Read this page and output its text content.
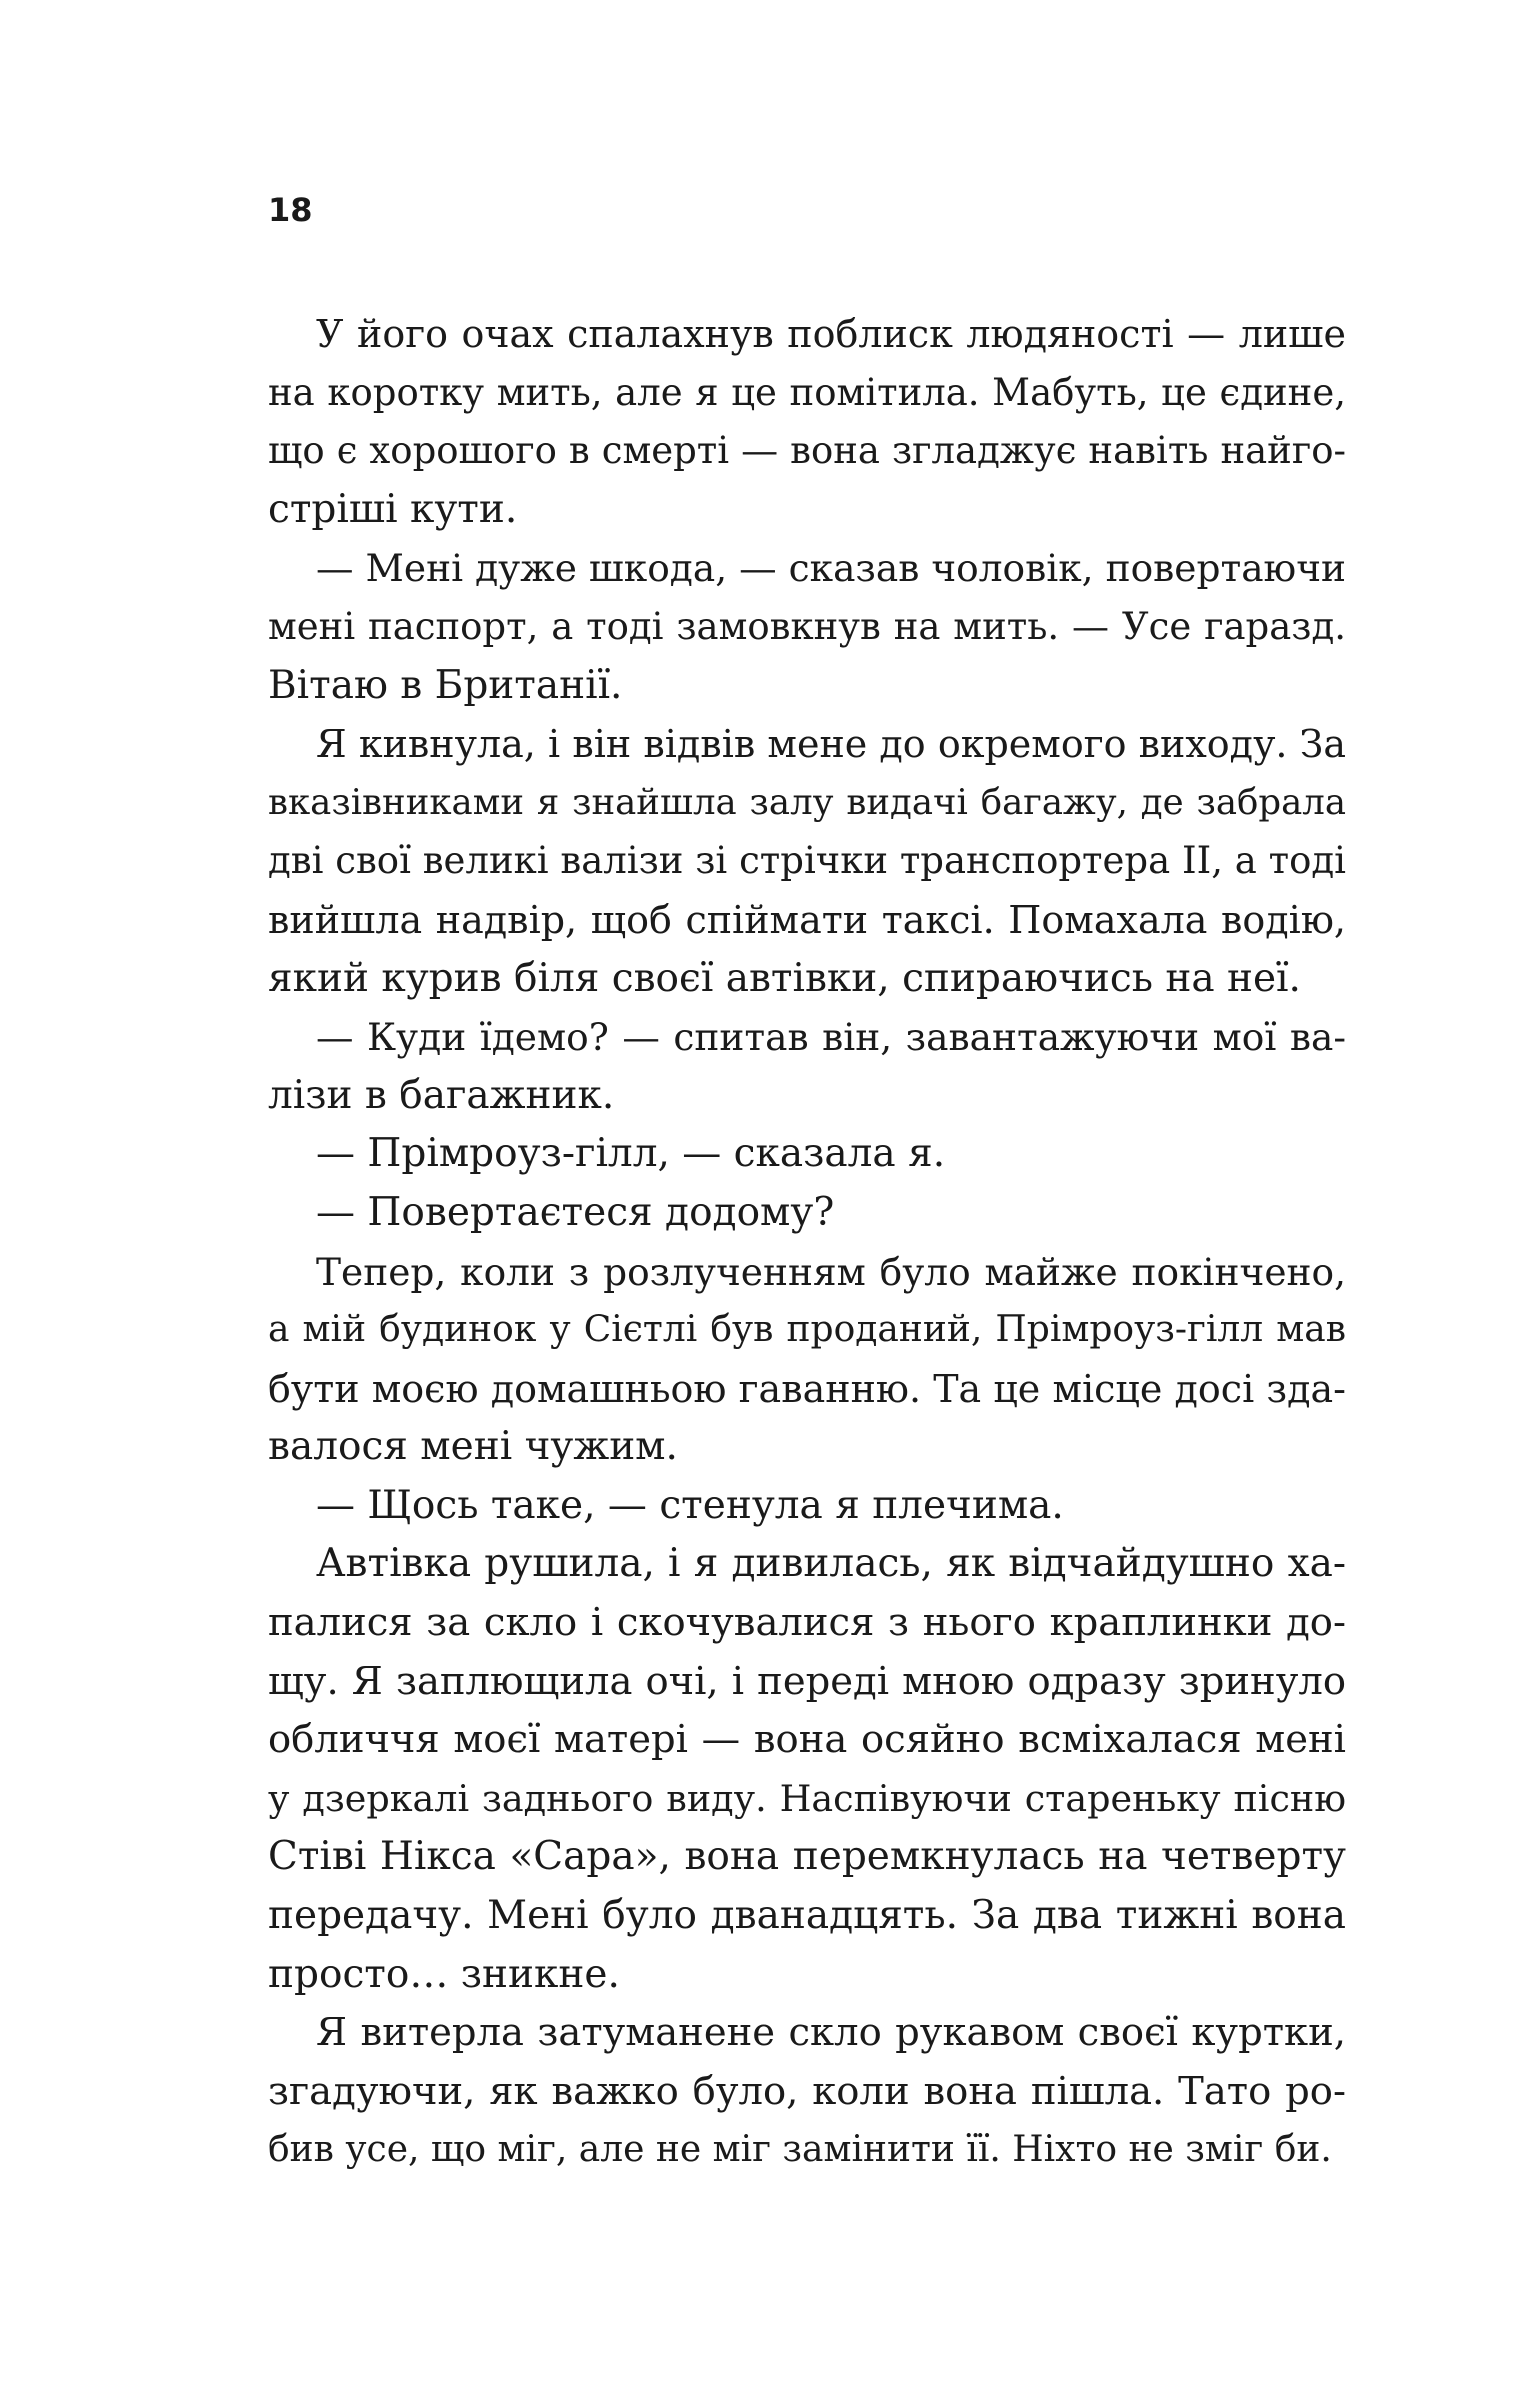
18
У його очах спалахнув поблиск людяності — лише
на коротку мить, але я це помітила. Мабуть, це єдине,
що є хорошого в смерті — вона згладжує навіть найго-
стріші кути.
— Мені дуже шкода, — сказав чоловік, повертаючи
мені паспорт, а тоді замовкнув на мить. — Усе гаразд.
Вітаю в Британії.
Я кивнула, і він відвів мене до окремого виходу. За
вказівниками я знайшла залу видачі багажу, де забрала
дві свої великі валізи зі стрічки транспортера ІІ, а тоді
вийшла надвір, щоб спіймати таксі. Помахала водію,
який курив біля своєї автівки, спираючись на неї.
— Куди їдемо? — спитав він, завантажуючи мої ва-
лізи в багажник.
— Прімроуз-гілл, — сказала я.
— Повертаєтеся додому?
Тепер, коли з розлученням було майже покінчено,
а мій будинок у Сієтлі був проданий, Прімроуз-гілл мав
бути моєю домашньою гаванню. Та це місце досі зда-
валося мені чужим.
— Щось таке, — стенула я плечима.
Автівка рушила, і я дивилась, як відчайдушно ха-
палися за скло і скочувалися з нього краплинки до-
щу. Я заплющила очі, і переді мною одразу зринуло
обличчя моєї матері — вона осяйно всміхалася мені
у дзеркалі заднього виду. Наспівуючи стареньку пісню
Стіві Нікса «Сара», вона перемкнулась на четверту
передачу. Мені було дванадцять. За два тижні вона
просто… зникне.
Я витерла затуманене скло рукавом своєї куртки,
згадуючи, як важко було, коли вона пішла. Тато ро-
бив усе, що міг, але не міг замінити її. Ніхто не зміг би.
